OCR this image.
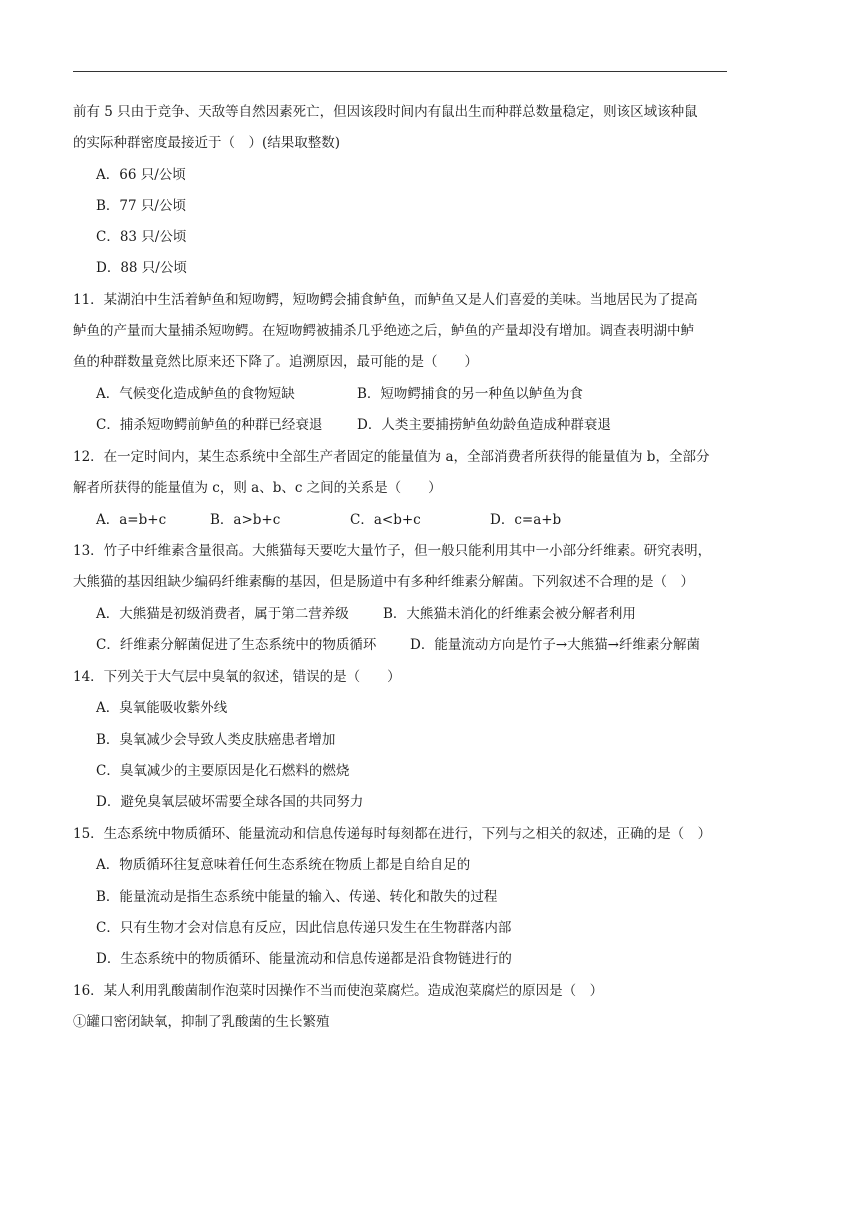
前有 5 只由于竞争、天敌等自然因素死亡，但因该段时间内有鼠出生而种群总数量稳定，则该区域该种鼠
的实际种群密度最接近于（　）(结果取整数)
A．66 只/公顷
B．77 只/公顷
C．83 只/公顷
D．88 只/公顷
11．某湖泊中生活着鲈鱼和短吻鳄，短吻鳄会捕食鲈鱼，而鲈鱼又是人们喜爱的美味。当地居民为了提高
鲈鱼的产量而大量捕杀短吻鳄。在短吻鳄被捕杀几乎绝迹之后，鲈鱼的产量却没有增加。调查表明湖中鲈
鱼的种群数量竟然比原来还下降了。追溯原因，最可能的是（　　）
A．气候变化造成鲈鱼的食物短缺	B．短吻鳄捕食的另一种鱼以鲈鱼为食
C．捕杀短吻鳄前鲈鱼的种群已经衰退	D．人类主要捕捞鲈鱼幼龄鱼造成种群衰退
12．在一定时间内，某生态系统中全部生产者固定的能量值为 a，全部消费者所获得的能量值为 b，全部分
解者所获得的能量值为 c，则 a、b、c 之间的关系是（　　）
A．a=b+c	B．a>b+c	C．a<b+c	D．c=a+b
13．竹子中纤维素含量很高。大熊猫每天要吃大量竹子，但一般只能利用其中一小部分纤维素。研究表明，
大熊猫的基因组缺少编码纤维素酶的基因，但是肠道中有多种纤维素分解菌。下列叙述不合理的是（　）
A．大熊猫是初级消费者，属于第二营养级	B．大熊猫未消化的纤维素会被分解者利用
C．纤维素分解菌促进了生态系统中的物质循环 D．能量流动方向是竹子→大熊猫→纤维素分解菌
14．下列关于大气层中臭氧的叙述，错误的是（　　）
A．臭氧能吸收紫外线
B．臭氧减少会导致人类皮肤癌患者增加
C．臭氧减少的主要原因是化石燃料的燃烧
D．避免臭氧层破坏需要全球各国的共同努力
15．生态系统中物质循环、能量流动和信息传递每时每刻都在进行，下列与之相关的叙述，正确的是（　）
A．物质循环往复意味着任何生态系统在物质上都是自给自足的
B．能量流动是指生态系统中能量的输入、传递、转化和散失的过程
C．只有生物才会对信息有反应，因此信息传递只发生在生物群落内部
D．生态系统中的物质循环、能量流动和信息传递都是沿食物链进行的
16．某人利用乳酸菌制作泡菜时因操作不当而使泡菜腐烂。造成泡菜腐烂的原因是（　）
①罐口密闭缺氧，抑制了乳酸菌的生长繁殖
